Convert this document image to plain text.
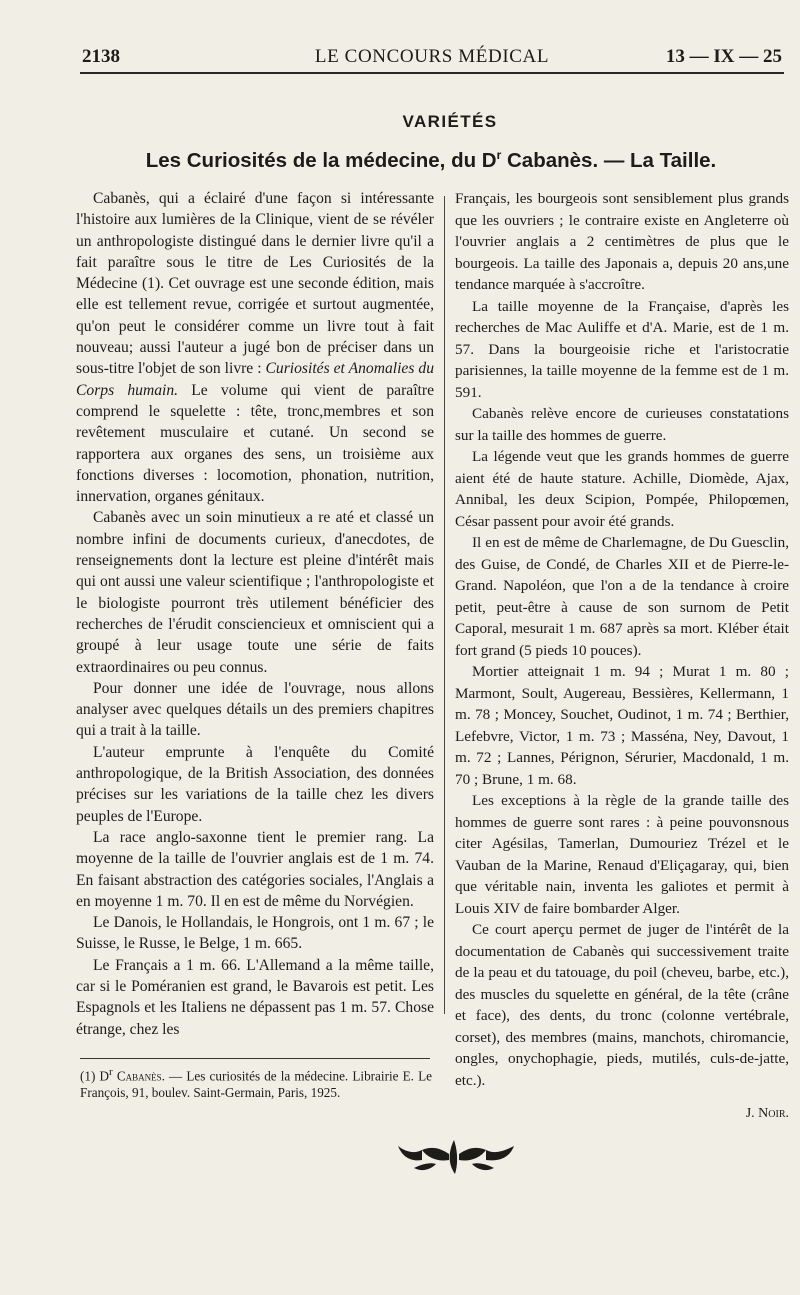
2138	LE CONCOURS MÉDICAL	13 — IX — 25
VARIÉTÉS
Les Curiosités de la médecine, du $D^r$ Cabanès. — La Taille.

Cabanès, qui a éclairé d'une façon si intéressante l'histoire aux lumières de la Clinique, vient de se révéler un anthropologiste distingué dans le dernier livre qu'il a fait paraître sous le titre de Les Curiosités de la Médecine (1). Cet ouvrage est une seconde édition, mais elle est tellement revue, corrigée et surtout augmentée, qu'on peut le considérer comme un livre tout à fait nouveau; aussi l'auteur a jugé bon de préciser dans un sous-titre l'objet de son livre : Curiosités et Anomalies du Corps humain. Le volume qui vient de paraître comprend le squelette : tête, tronc,membres et son revêtement musculaire et cutané. Un second se rapportera aux organes des sens, un troisième aux fonctions diverses : locomotion, phonation, nutrition, innervation, organes génitaux.

Cabanès avec un soin minutieux a re até et classé un nombre infini de documents curieux, d'anecdotes, de renseignements dont la lecture est pleine d'intérêt mais qui ont aussi une valeur scientifique ; l'anthropologiste et le biologiste pourront très utilement bénéficier des recherches de l'érudit consciencieux et omniscient qui a groupé à leur usage toute une série de faits extraordinaires ou peu connus.

Pour donner une idée de l'ouvrage, nous allons analyser avec quelques détails un des premiers chapitres qui a trait à la taille.

L'auteur emprunte à l'enquête du Comité anthropologique, de la British Association, des données précises sur les variations de la taille chez les divers peuples de l'Europe.

La race anglo-saxonne tient le premier rang. La moyenne de la taille de l'ouvrier anglais est de 1 m. 74. En faisant abstraction des catégories sociales, l'Anglais a en moyenne 1 m. 70. Il en est de même du Norvégien.

Le Danois, le Hollandais, le Hongrois, ont 1 m. 67 ; le Suisse, le Russe, le Belge, 1 m. 665.

Le Français a 1 m. 66. L'Allemand a la même taille, car si le Poméranien est grand, le Bavarois est petit. Les Espagnols et les Italiens ne dépassent pas 1 m. 57. Chose étrange, chez les

Français, les bourgeois sont sensiblement plus grands que les ouvriers ; le contraire existe en Angleterre où l'ouvrier anglais a 2 centimètres de plus que le bourgeois. La taille des Japonais a, depuis 20 ans,une tendance marquée à s'accroître.

La taille moyenne de la Française, d'après les recherches de Mac Auliffe et d'A. Marie, est de 1 m. 57. Dans la bourgeoisie riche et l'aristocratie parisiennes, la taille moyenne de la femme est de 1 m. 591.

Cabanès relève encore de curieuses constatations sur la taille des hommes de guerre.

La légende veut que les grands hommes de guerre aient été de haute stature. Achille, Diomède, Ajax, Annibal, les deux Scipion, Pompée, Philopœmen, César passent pour avoir été grands.

Il en est de même de Charlemagne, de Du Guesclin, des Guise, de Condé, de Charles XII et de Pierre-le-Grand. Napoléon, que l'on a de la tendance à croire petit, peut-être à cause de son surnom de Petit Caporal, mesurait 1 m. 687 après sa mort. Kléber était fort grand (5 pieds 10 pouces).

Mortier atteignait 1 m. 94 ; Murat 1 m. 80 ; Marmont, Soult, Augereau, Bessières, Kellermann, 1 m. 78 ; Moncey, Souchet, Oudinot, 1 m. 74 ; Berthier, Lefebvre, Victor, 1 m. 73 ; Masséna, Ney, Davout, 1 m. 72 ; Lannes, Pérignon, Sérurier, Macdonald, 1 m. 70 ; Brune, 1 m. 68.

Les exceptions à la règle de la grande taille des hommes de guerre sont rares : à peine pouvonsnous citer Agésilas, Tamerlan, Dumouriez Trézel et le Vauban de la Marine, Renaud d'Eliçagaray, qui, bien que véritable nain, inventa les galiotes et permit à Louis XIV de faire bombarder Alger.

Ce court aperçu permet de juger de l'intérêt de la documentation de Cabanès qui successivement traite de la peau et du tatouage, du poil (cheveu, barbe, etc.), des muscles du squelette en général, de la tête (crâne et face), des dents, du tronc (colonne vertébrale, corset), des membres (mains, manchots, chiromancie, ongles, onychophagie, pieds, mutilés, culs-de-jatte, etc.).

J. Noir.

(1) $D^r$ Cabanès. — Les curiosités de la médecine. Librairie E. Le François, 91, boulev. Saint-Germain, Paris, 1925.
